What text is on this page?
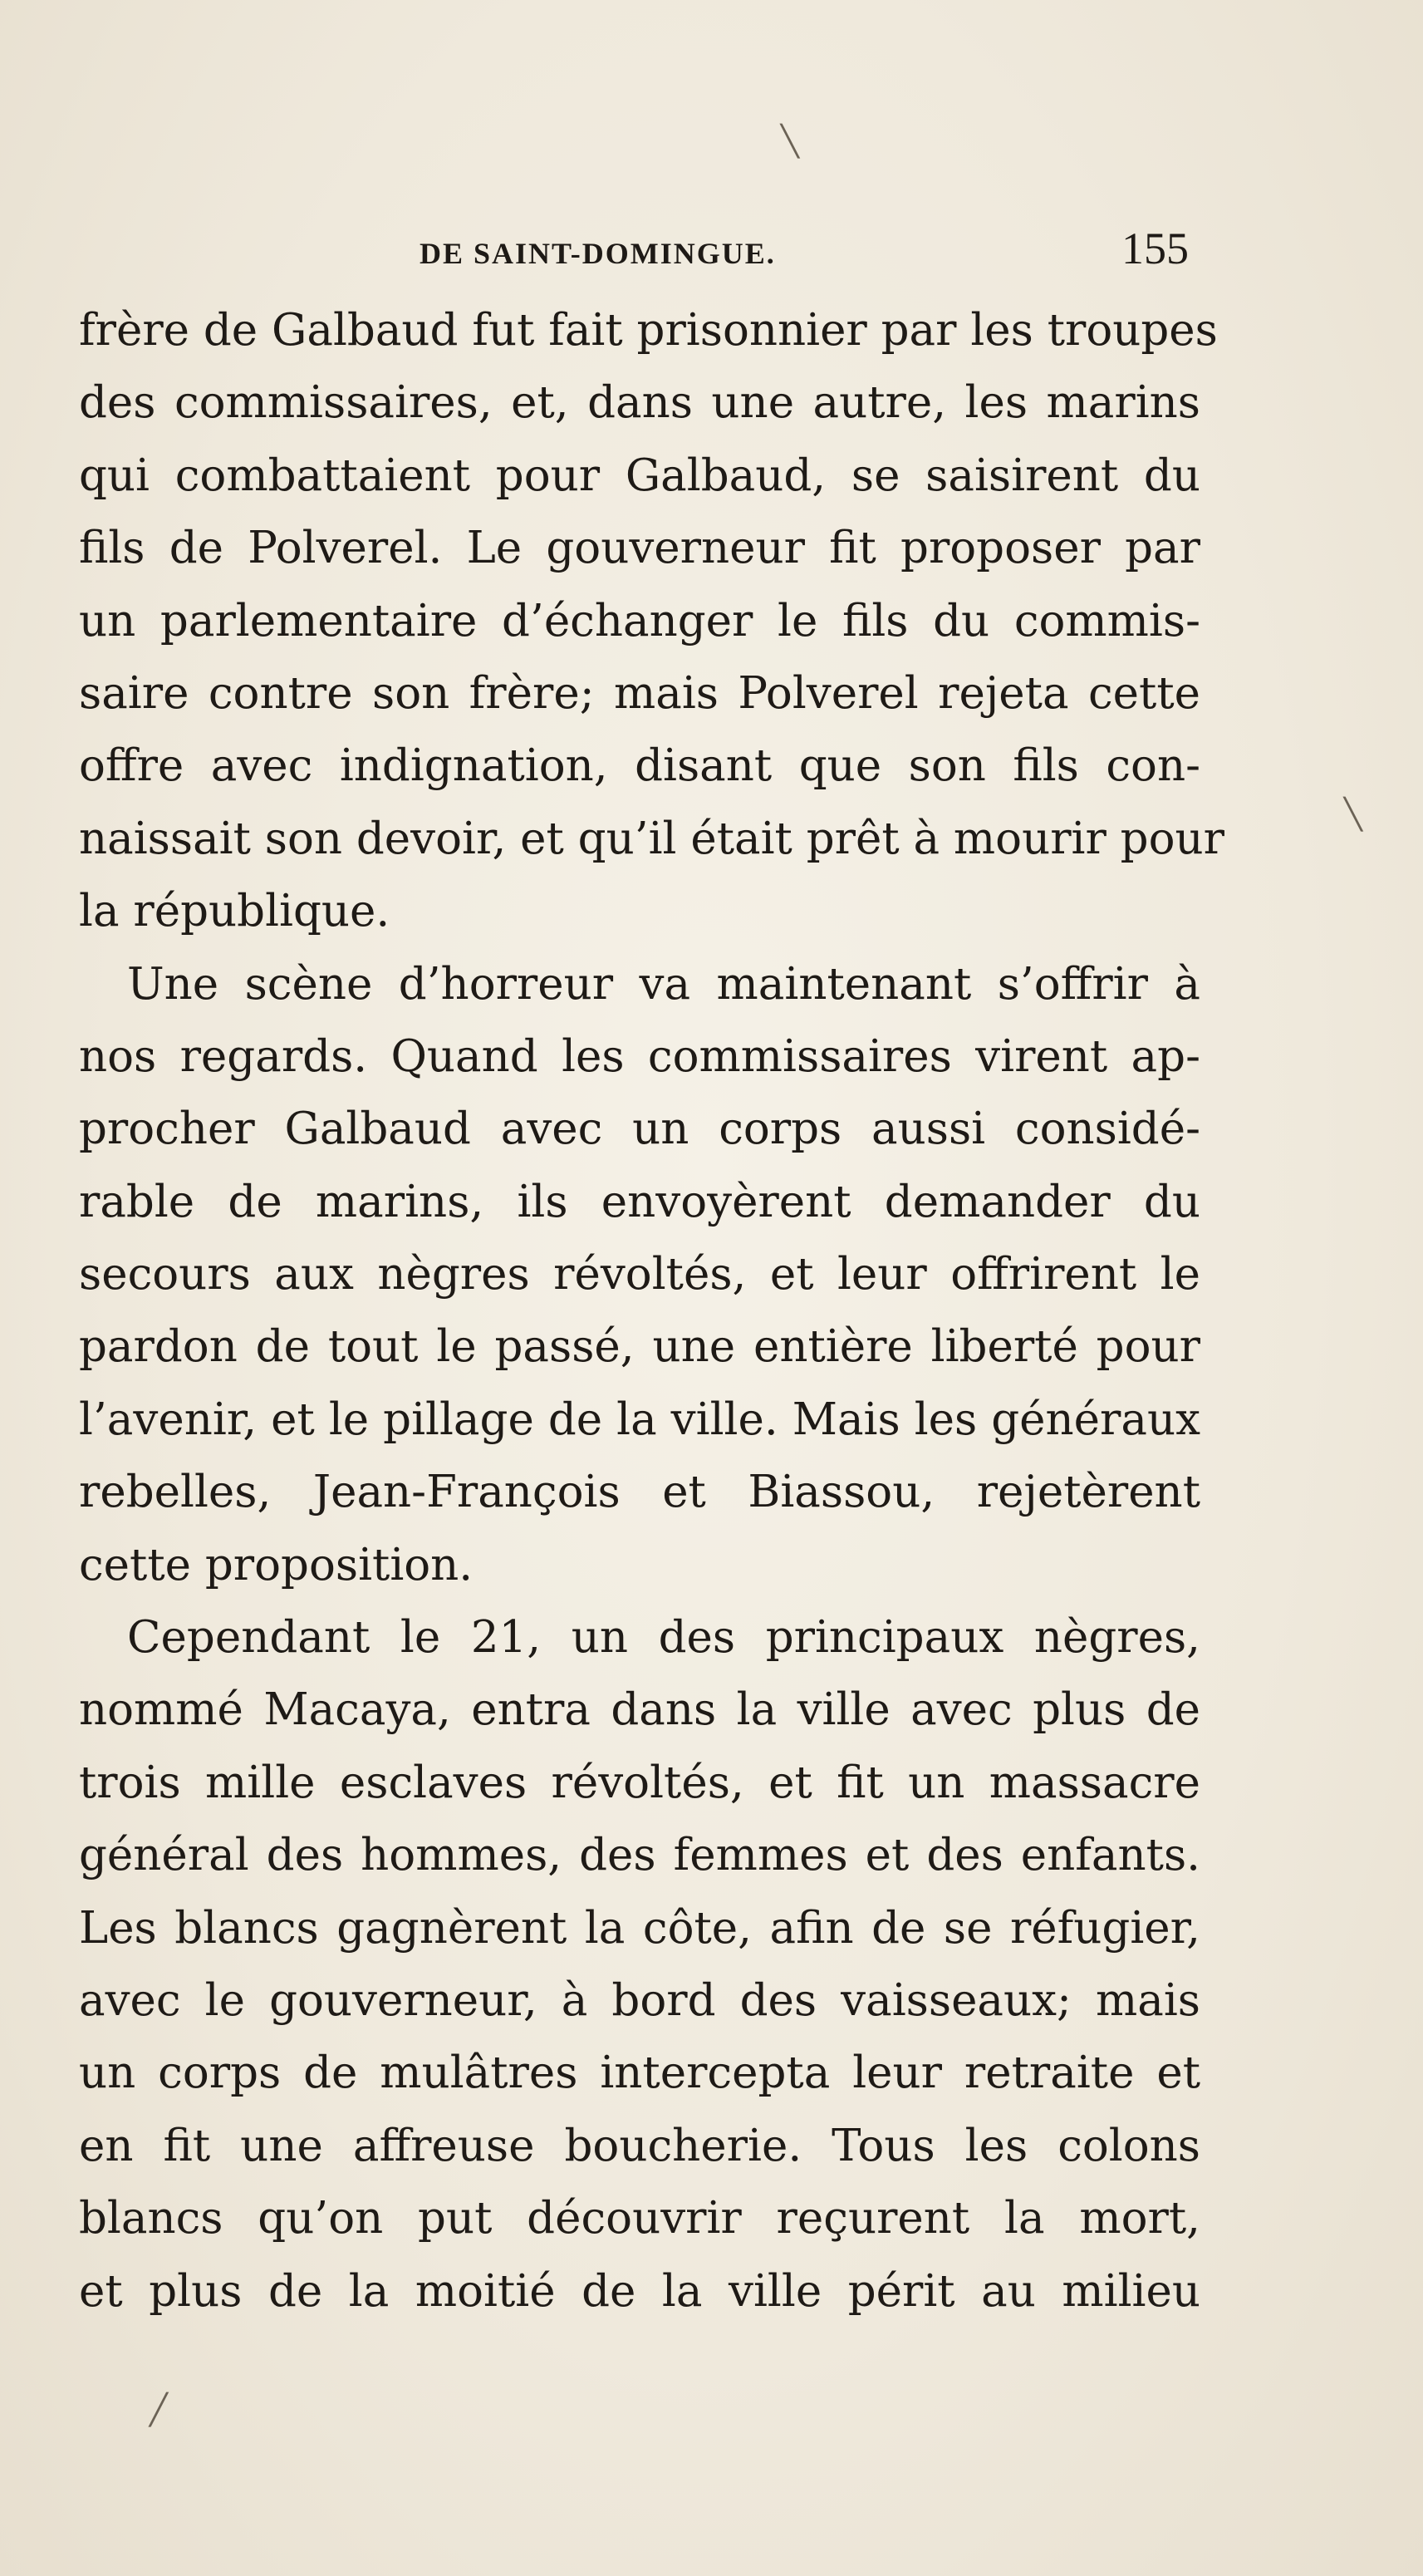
╲
╲
╱
DE SAINT-DOMINGUE.	155
frère de Galbaud fut fait prisonnier par les troupes
des commissaires, et, dans une autre, les marins
qui combattaient pour Galbaud, se saisirent du
fils de Polverel. Le gouverneur fit proposer par
un parlementaire d’échanger le fils du commis-
saire contre son frère; mais Polverel rejeta cette
offre avec indignation, disant que son fils con-
naissait son devoir, et qu’il était prêt à mourir pour
la république.
Une scène d’horreur va maintenant s’offrir à
nos regards. Quand les commissaires virent ap-
procher Galbaud avec un corps aussi considé-
rable de marins, ils envoyèrent demander du
secours aux nègres révoltés, et leur offrirent le
pardon de tout le passé, une entière liberté pour
l’avenir, et le pillage de la ville. Mais les généraux
rebelles, Jean-François et Biassou, rejetèrent
cette proposition.
Cependant le 21, un des principaux nègres,
nommé Macaya, entra dans la ville avec plus de
trois mille esclaves révoltés, et fit un massacre
général des hommes, des femmes et des enfants.
Les blancs gagnèrent la côte, afin de se réfugier,
avec le gouverneur, à bord des vaisseaux; mais
un corps de mulâtres intercepta leur retraite et
en fit une affreuse boucherie. Tous les colons
blancs qu’on put découvrir reçurent la mort,
et plus de la moitié de la ville périt au milieu
